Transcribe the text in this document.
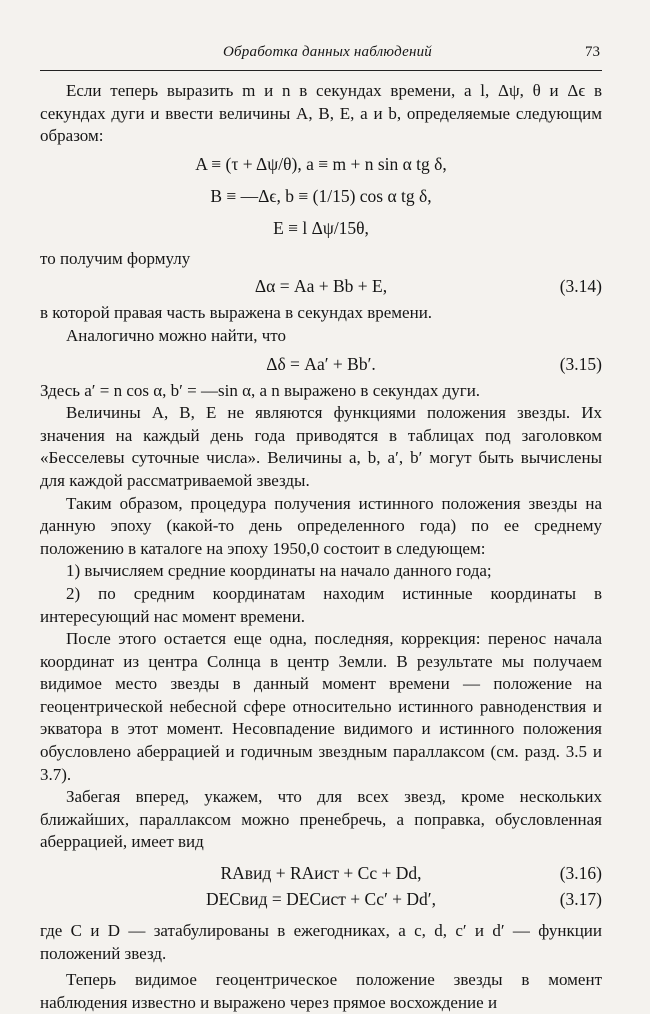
Обработка данных наблюдений	73

Если теперь выразить m и n в секундах времени, а l, Δψ, θ и Δϵ в секундах дуги и ввести величины A, B, E, a и b, определяемые следующим образом:

A ≡ (τ + Δψ/θ), a ≡ m + n sin α tg δ,
B ≡ —Δϵ, b ≡ (1/15) cos α tg δ,
E ≡ l Δψ/15θ,

то получим формулу

Δα = Aa + Bb + E,	(3.14)

в которой правая часть выражена в секундах времени.

Аналогично можно найти, что

Δδ = Aa′ + Bb′.	(3.15)

Здесь a′ = n cos α, b′ = —sin α, а n выражено в секундах дуги.

Величины A, B, E не являются функциями положения звезды. Их значения на каждый день года приводятся в таблицах под заголовком «Бесселевы суточные числа». Величины a, b, a′, b′ могут быть вычислены для каждой рассматриваемой звезды.

Таким образом, процедура получения истинного положения звезды на данную эпоху (какой-то день определенного года) по ее среднему положению в каталоге на эпоху 1950,0 состоит в следующем:

1) вычисляем средние координаты на начало данного года;

2) по средним координатам находим истинные координаты в интересующий нас момент времени.

После этого остается еще одна, последняя, коррекция: перенос начала координат из центра Солнца в центр Земли. В результате мы получаем видимое место звезды в данный момент времени — положение на геоцентрической небесной сфере относительно истинного равноденствия и экватора в этот момент. Несовпадение видимого и истинного положения обусловлено аберрацией и годичным звездным параллаксом (см. разд. 3.5 и 3.7).

Забегая вперед, укажем, что для всех звезд, кроме нескольких ближайших, параллаксом можно пренебречь, а поправка, обусловленная аберрацией, имеет вид

RAвид + RAист + Cc + Dd,	(3.16)
DECвид = DECист + Cc′ + Dd′,	(3.17)

где C и D — затабулированы в ежегодниках, а c, d, c′ и d′ — функции положений звезд.

Теперь видимое геоцентрическое положение звезды в момент наблюдения известно и выражено через прямое восхождение и
